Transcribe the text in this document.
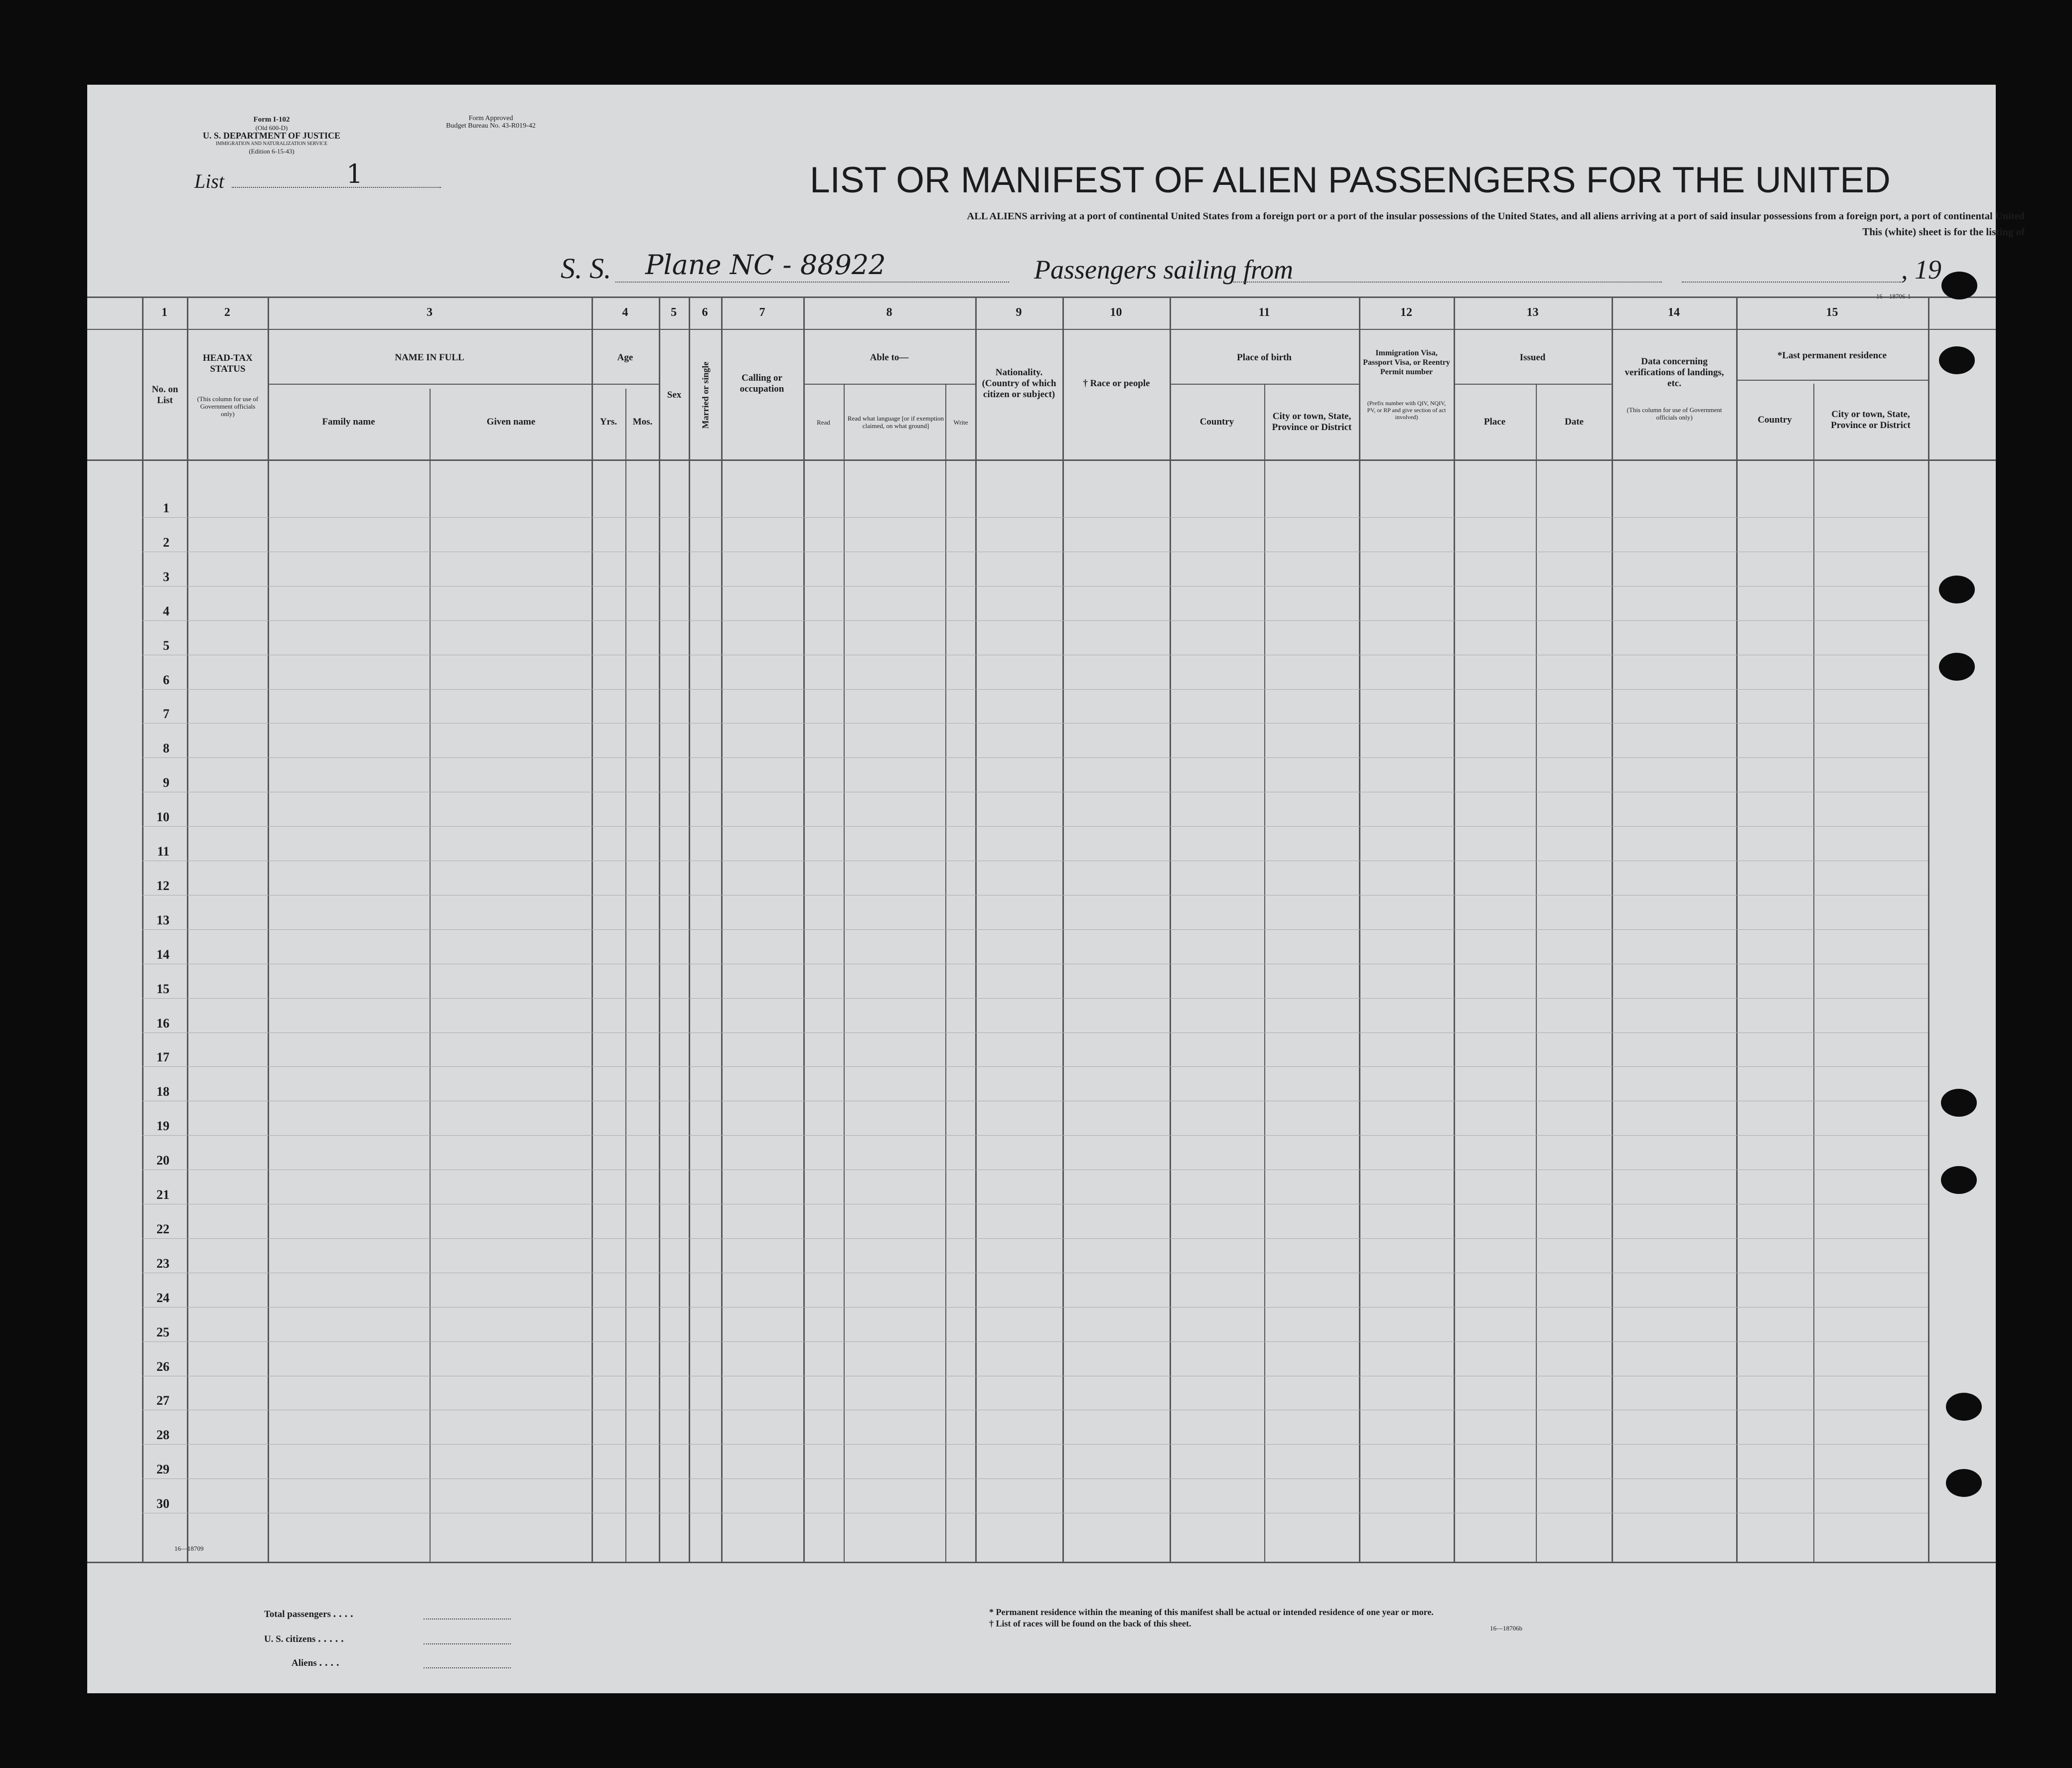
Form I-102
(Old 600-D)
U. S. DEPARTMENT OF JUSTICE
IMMIGRATION AND NATURALIZATION SERVICE
(Edition 6-15-43)
Form Approved
Budget Bureau No. 43-R019-42
List	1	LIST OR MANIFEST OF ALIEN PASSENGERS FOR THE UNITED
ALL ALIENS arriving at a port of continental United States from a foreign port or a port of the insular possessions of the United States, and all aliens arriving at a port of said insular possessions from a foreign port, a port of continental United
This (white) sheet is for the listing of
S. S. Plane NC - 88922	Passengers sailing from	, 19
1	2	3	4	5	6	7	8	9	10	11	12	13	14	15
No. on List
HEAD-TAX STATUS
(This column for use of Government officials only)
NAME IN FULL
Family name	Given name
Age
Yrs.	Mos.
Sex	Married or single	Calling or occupation
Able to—
Read	Read what language [or if exemption claimed, on what ground]	Write
Nationality. (Country of which citizen or subject)
† Race or people
Place of birth
Country
City or town, State, Province or District
Immigration Visa, Passport Visa, or Reentry Permit number
(Prefix number with QIV, NQIV, PV, or RP and give section of act involved)
Issued
Place	Date
Data concerning verifications of landings, etc.
(This column for use of Government officials only)
*Last permanent residence
Country
City or town, State, Province or District
1
2
3
4
5
6
7
8
9
10
11
12
13
14
15
16
17
18
19
20
21
22
23
24
25
26
27
28
29
30
16—18709
Total passengers ....
U. S. citizens .....
Aliens ....
* Permanent residence within the meaning of this manifest shall be actual or intended residence of one year or more.
† List of races will be found on the back of this sheet.	16—18706b
